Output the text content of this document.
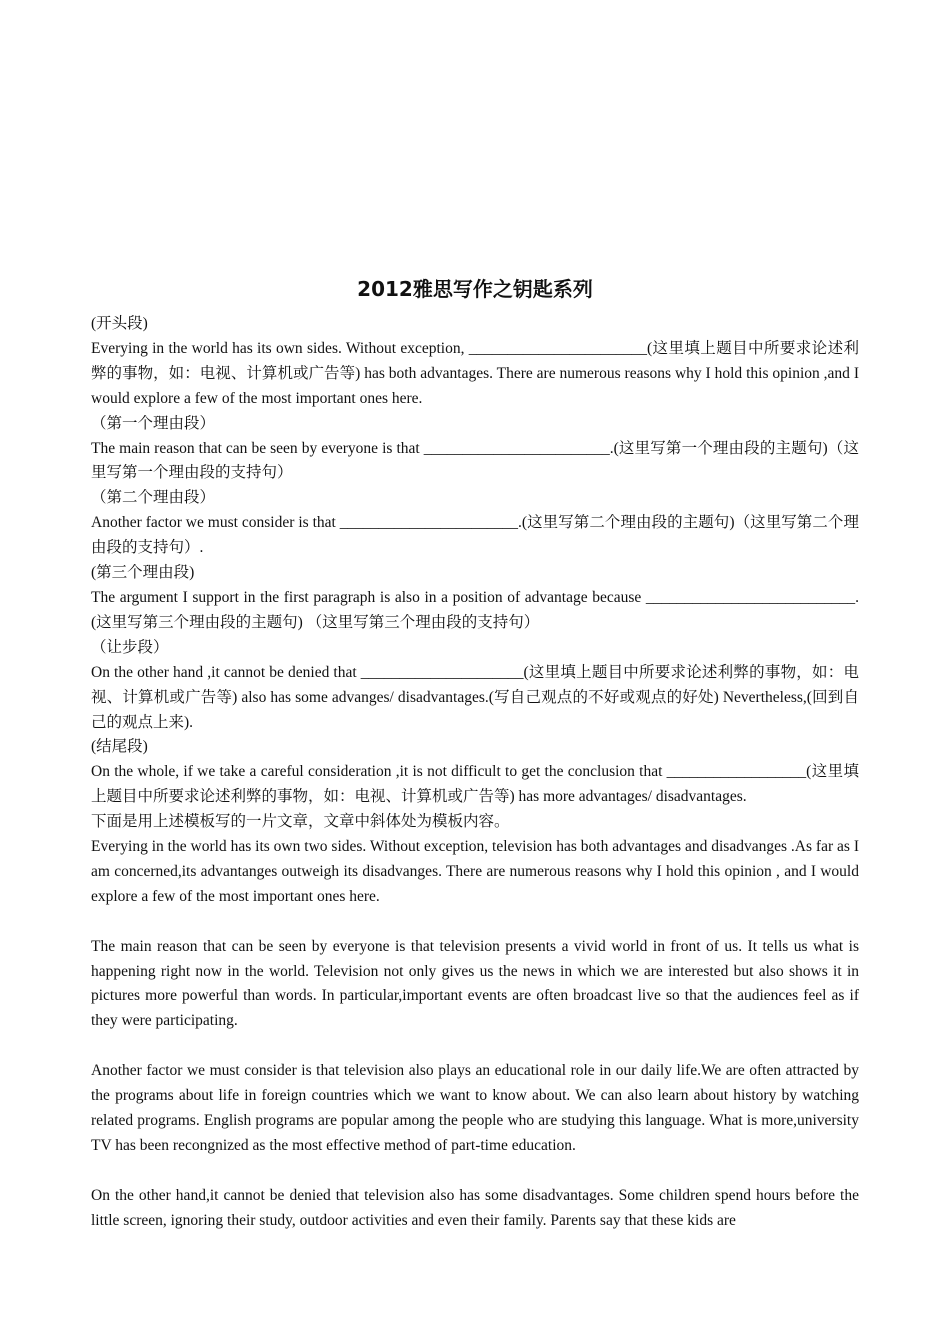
2012雅思写作之钥匙系列

(开头段)

Everying in the world has its own sides. Without exception, _______________________(这里填上题目中所要求论述利弊的事物，如：电视、计算机或广告等) has both advantages. There are numerous reasons why I hold this opinion ,and I would explore a few of the most important ones here.

（第一个理由段）

The main reason that can be seen by everyone is that ________________________.(这里写第一个理由段的主题句)（这里写第一个理由段的支持句）

（第二个理由段）

Another factor we must consider is that _______________________.(这里写第二个理由段的主题句)（这里写第二个理由段的支持句）.

(第三个理由段)

The argument I support in the first paragraph is also in a position of advantage because ___________________________.(这里写第三个理由段的主题句) （这里写第三个理由段的支持句）

（让步段）

On the other hand ,it cannot be denied that _____________________(这里填上题目中所要求论述利弊的事物，如：电视、计算机或广告等) also has some advanges/ disadvantages.(写自己观点的不好或观点的好处) Nevertheless,(回到自己的观点上来).

(结尾段)

On the whole, if we take a careful consideration ,it is not difficult to get the conclusion that __________________(这里填上题目中所要求论述利弊的事物，如：电视、计算机或广告等) has more advantages/ disadvantages.

下面是用上述模板写的一片文章，文章中斜体处为模板内容。

Everying in the world has its own two sides. Without exception, television has both advantages and disadvanges .As far as I am concerned,its advantanges outweigh its disadvanges. There are numerous reasons why I hold this opinion , and I would explore a few of the most important ones here.

The main reason that can be seen by everyone is that television presents a vivid world in front of us. It tells us what is happening right now in the world. Television not only gives us the news in which we are interested but also shows it in pictures more powerful than words. In particular,important events are often broadcast live so that the audiences feel as if they were participating.

Another factor we must consider is that television also plays an educational role in our daily life.We are often attracted by the programs about life in foreign countries which we want to know about. We can also learn about history by watching related programs. English programs are popular among the people who are studying this language. What is more,university TV has been recongnized as the most effective method of part-time education.

On the other hand,it cannot be denied that television also has some disadvantages. Some children spend hours before the little screen, ignoring their study, outdoor activities and even their family. Parents say that these kids are
